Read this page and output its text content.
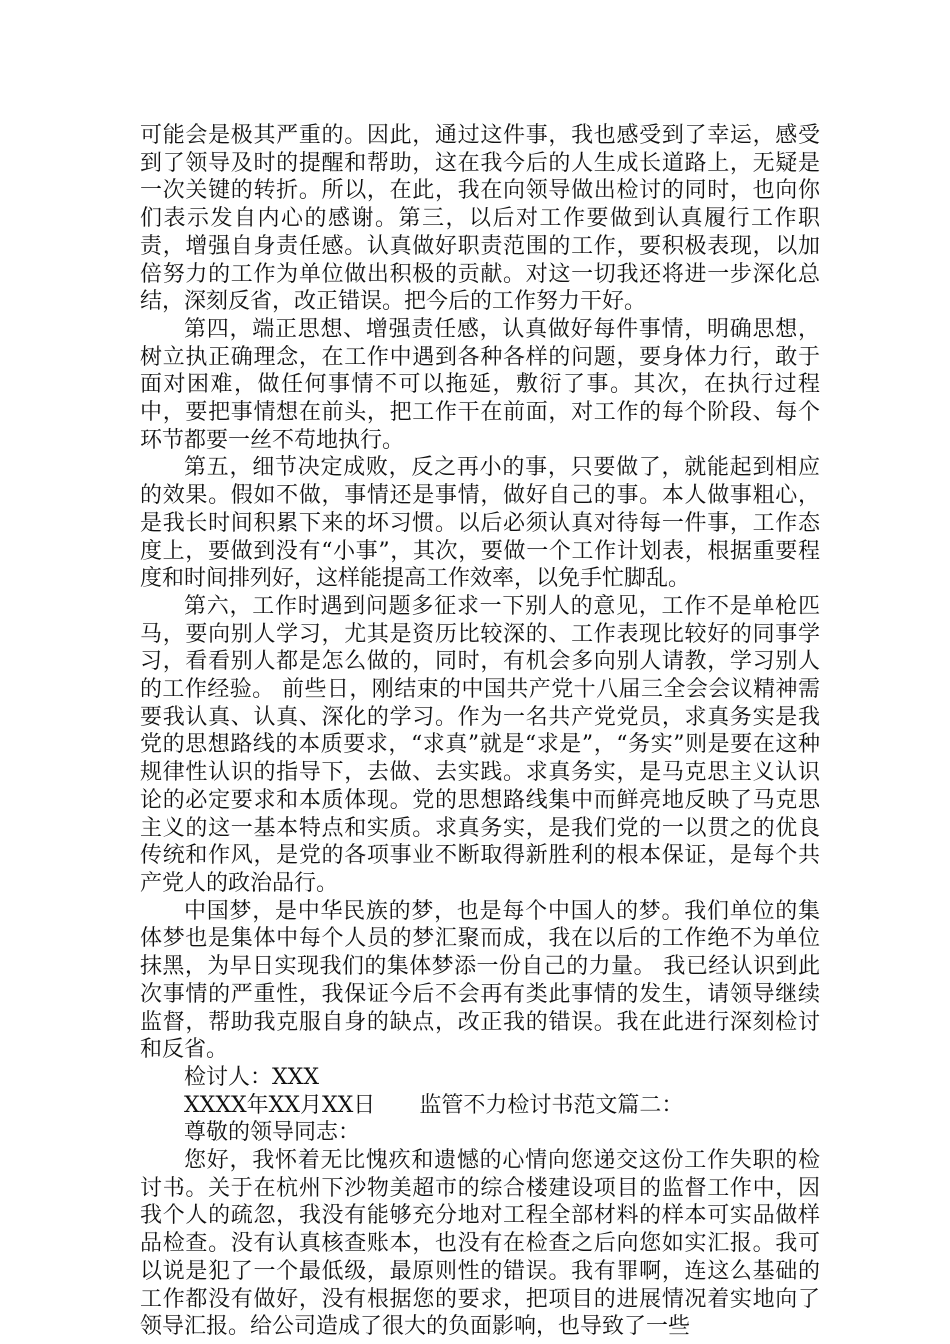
可能会是极其严重的。因此，通过这件事，我也感受到了幸运，感受到了领导及时的提醒和帮助，这在我今后的人生成长道路上，无疑是一次关键的转折。所以，在此，我在向领导做出检讨的同时，也向你们表示发自内心的感谢。第三，以后对工作要做到认真履行工作职责，增强自身责任感。认真做好职责范围的工作，要积极表现，以加倍努力的工作为单位做出积极的贡献。对这一切我还将进一步深化总结，深刻反省，改正错误。把今后的工作努力干好。

第四，端正思想、增强责任感，认真做好每件事情，明确思想，树立执正确理念，在工作中遇到各种各样的问题，要身体力行，敢于面对困难，做任何事情不可以拖延，敷衍了事。其次，在执行过程中，要把事情想在前头，把工作干在前面，对工作的每个阶段、每个环节都要一丝不苟地执行。

第五，细节决定成败，反之再小的事，只要做了，就能起到相应的效果。假如不做，事情还是事情，做好自己的事。本人做事粗心，是我长时间积累下来的坏习惯。以后必须认真对待每一件事，工作态度上，要做到没有“小事”，其次，要做一个工作计划表，根据重要程度和时间排列好，这样能提高工作效率，以免手忙脚乱。

第六，工作时遇到问题多征求一下别人的意见，工作不是单枪匹马，要向别人学习，尤其是资历比较深的、工作表现比较好的同事学习，看看别人都是怎么做的，同时，有机会多向别人请教，学习别人的工作经验。 前些日，刚结束的中国共产党十八届三全会会议精神需要我认真、认真、深化的学习。作为一名共产党党员，求真务实是我党的思想路线的本质要求，“求真”就是“求是”，“务实”则是要在这种规律性认识的指导下，去做、去实践。求真务实，是马克思主义认识论的必定要求和本质体现。党的思想路线集中而鲜亮地反映了马克思主义的这一基本特点和实质。求真务实，是我们党的一以贯之的优良传统和作风，是党的各项事业不断取得新胜利的根本保证，是每个共产党人的政治品行。

中国梦，是中华民族的梦，也是每个中国人的梦。我们单位的集体梦也是集体中每个人员的梦汇聚而成，我在以后的工作绝不为单位抹黑，为早日实现我们的集体梦添一份自己的力量。 我已经认识到此次事情的严重性，我保证今后不会再有类此事情的发生，请领导继续监督，帮助我克服自身的缺点，改正我的错误。我在此进行深刻检讨和反省。

检讨人：XXX

XXXX年XX月XX日 监管不力检讨书范文篇二：

尊敬的领导同志：

您好，我怀着无比愧疚和遗憾的心情向您递交这份工作失职的检讨书。关于在杭州下沙物美超市的综合楼建设项目的监督工作中，因我个人的疏忽，我没有能够充分地对工程全部材料的样本可实品做样品检查。没有认真核查账本，也没有在检查之后向您如实汇报。我可以说是犯了一个最低级，最原则性的错误。我有罪啊，连这么基础的工作都没有做好，没有根据您的要求，把项目的进展情况着实地向了领导汇报。给公司造成了很大的负面影响，也导致了一些
